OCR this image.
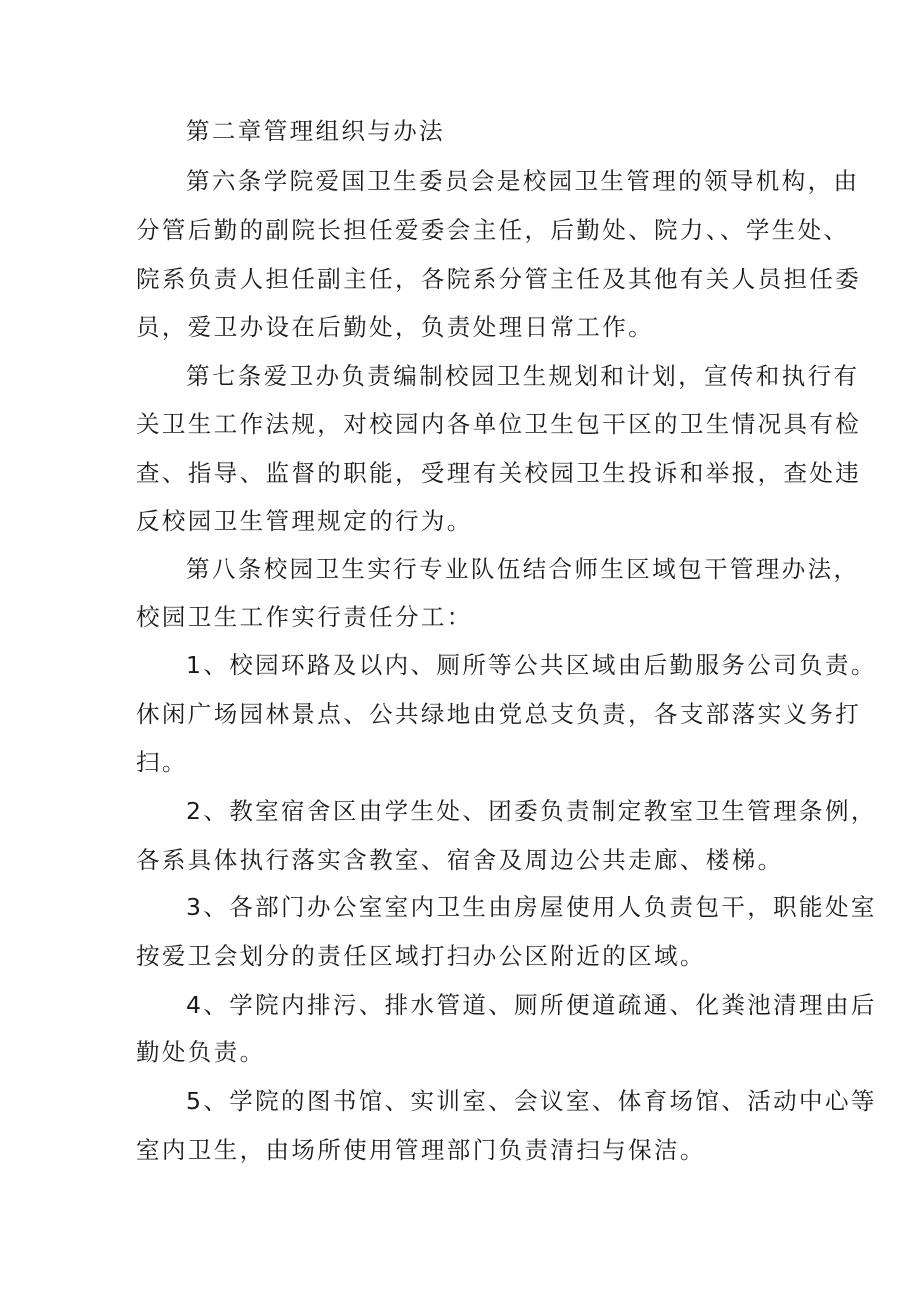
第二章管理组织与办法
第六条学院爱国卫生委员会是校园卫生管理的领导机构，由
分管后勤的副院长担任爱委会主任，后勤处、院力、、学生处、
院系负责人担任副主任，各院系分管主任及其他有关人员担任委
员，爱卫办设在后勤处，负责处理日常工作。
第七条爱卫办负责编制校园卫生规划和计划，宣传和执行有
关卫生工作法规，对校园内各单位卫生包干区的卫生情况具有检
查、指导、监督的职能，受理有关校园卫生投诉和举报，查处违
反校园卫生管理规定的行为。
第八条校园卫生实行专业队伍结合师生区域包干管理办法，
校园卫生工作实行责任分工：
1、校园环路及以内、厕所等公共区域由后勤服务公司负责。
休闲广场园林景点、公共绿地由党总支负责，各支部落实义务打
扫。
2、教室宿舍区由学生处、团委负责制定教室卫生管理条例，
各系具体执行落实含教室、宿舍及周边公共走廊、楼梯。
3、各部门办公室室内卫生由房屋使用人负责包干，职能处室
按爱卫会划分的责任区域打扫办公区附近的区域。
4、学院内排污、排水管道、厕所便道疏通、化粪池清理由后
勤处负责。
5、学院的图书馆、实训室、会议室、体育场馆、活动中心等
室内卫生，由场所使用管理部门负责清扫与保洁。
